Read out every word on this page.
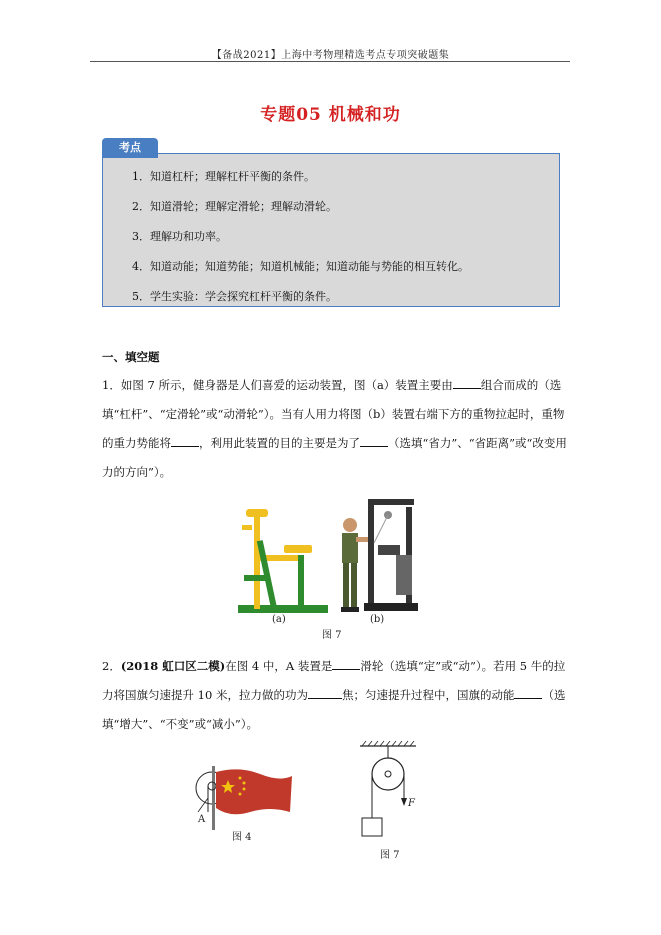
【备战2021】上海中考物理精选考点专项突破题集
专题05 机械和功
考点
1．知道杠杆；理解杠杆平衡的条件。
2．知道滑轮；理解定滑轮；理解动滑轮。
3．理解功和功率。
4．知道动能；知道势能；知道机械能；知道动能与势能的相互转化。
5．学生实验：学会探究杠杆平衡的条件。
一、填空题
1．如图 7 所示，健身器是人们喜爱的运动装置，图（a）装置主要由 组合而成的（选填“杠杆”、“定滑轮”或“动滑轮”）。当有人用力将图（b）装置右端下方的重物拉起时，重物的重力势能将 ，利用此装置的目的主要是为了 （选填“省力”、“省距离”或“改变用力的方向”）。
(a)	(b)
图 7
2．(2018 虹口区二模)在图 4 中，A 装置是 滑轮（选填“定”或“动”）。若用 5 牛的拉力将国旗匀速提升 10 米，拉力做的功为	焦；匀速提升过程中，国旗的动能 （选填“增大”、“不变”或“减小”）。
A
图 4
F
图 7
